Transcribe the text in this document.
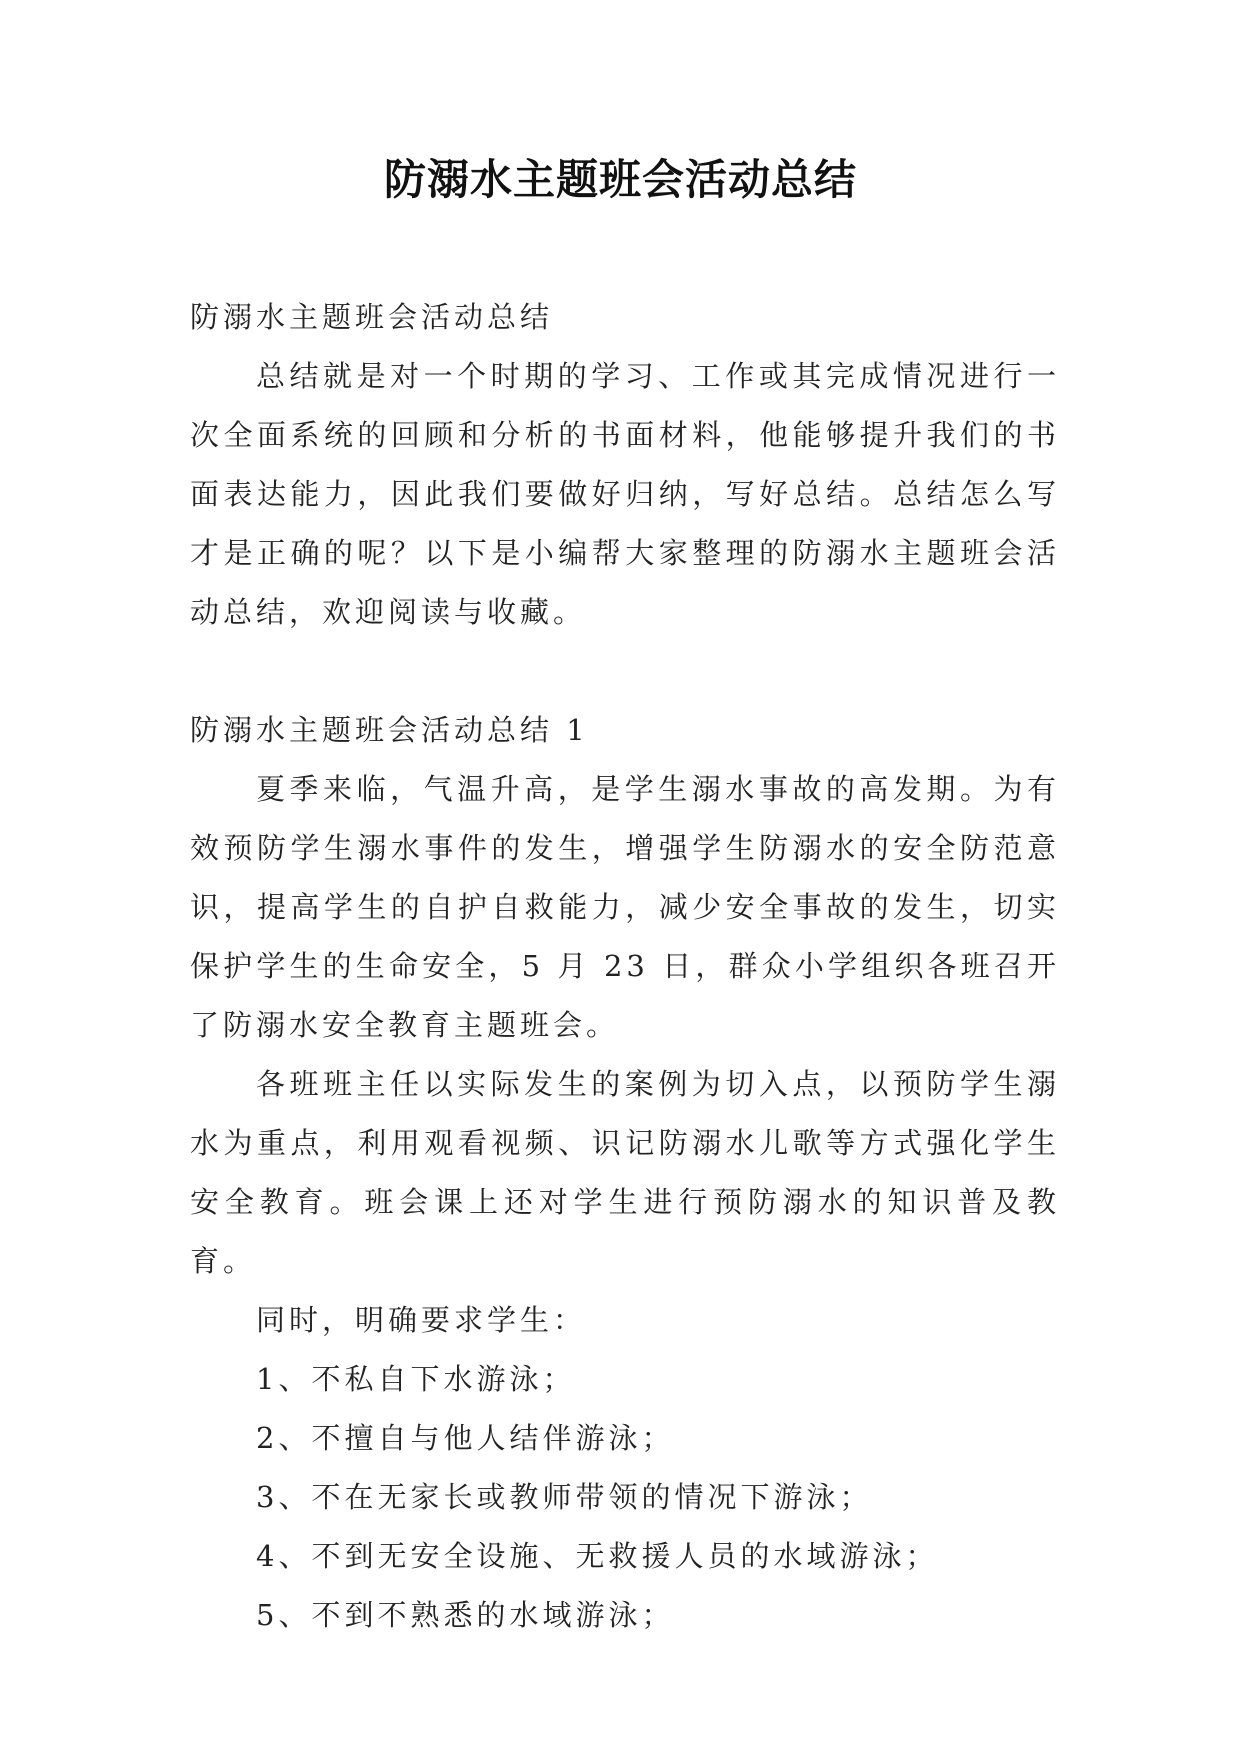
防溺水主题班会活动总结

防溺水主题班会活动总结

总结就是对一个时期的学习、工作或其完成情况进行一次全面系统的回顾和分析的书面材料，他能够提升我们的书面表达能力，因此我们要做好归纳，写好总结。总结怎么写才是正确的呢？以下是小编帮大家整理的防溺水主题班会活动总结，欢迎阅读与收藏。

防溺水主题班会活动总结 1

夏季来临，气温升高，是学生溺水事故的高发期。为有效预防学生溺水事件的发生，增强学生防溺水的安全防范意识，提高学生的自护自救能力，减少安全事故的发生，切实保护学生的生命安全，5 月 23 日，群众小学组织各班召开了防溺水安全教育主题班会。

各班班主任以实际发生的案例为切入点，以预防学生溺水为重点，利用观看视频、识记防溺水儿歌等方式强化学生安全教育。班会课上还对学生进行预防溺水的知识普及教育。

同时，明确要求学生：

1、不私自下水游泳；

2、不擅自与他人结伴游泳；

3、不在无家长或教师带领的情况下游泳；

4、不到无安全设施、无救援人员的水域游泳；

5、不到不熟悉的水域游泳；
